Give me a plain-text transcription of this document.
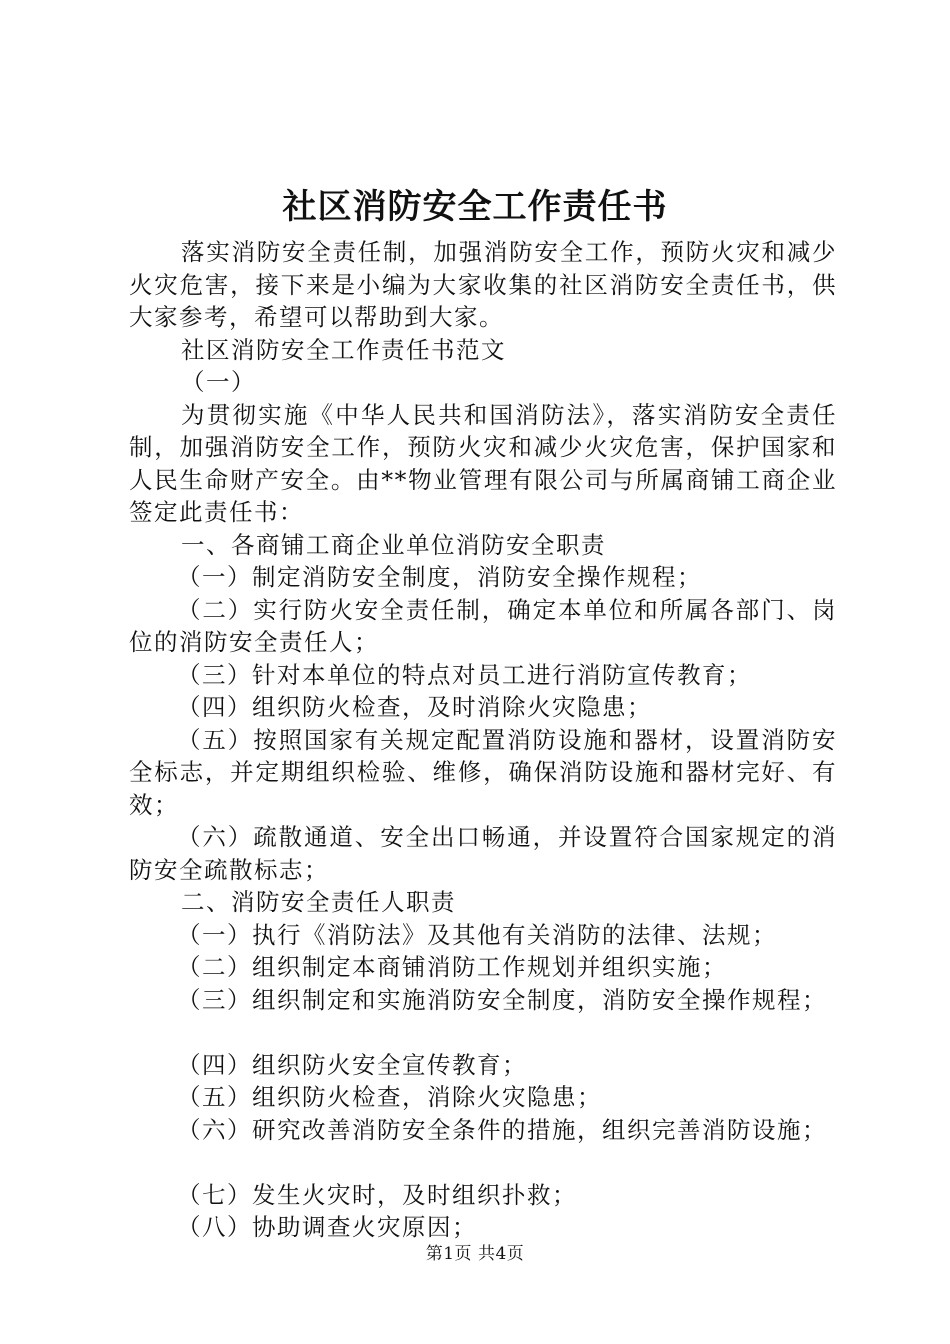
社区消防安全工作责任书

落实消防安全责任制，加强消防安全工作，预防火灾和减少火灾危害，接下来是小编为大家收集的社区消防安全责任书，供大家参考，希望可以帮助到大家。

社区消防安全工作责任书范文

（一）

为贯彻实施《中华人民共和国消防法》，落实消防安全责任制，加强消防安全工作，预防火灾和减少火灾危害，保护国家和人民生命财产安全。由**物业管理有限公司与所属商铺工商企业签定此责任书：

一、各商铺工商企业单位消防安全职责

（一）制定消防安全制度，消防安全操作规程；

（二）实行防火安全责任制，确定本单位和所属各部门、岗位的消防安全责任人；

（三）针对本单位的特点对员工进行消防宣传教育；

（四）组织防火检查，及时消除火灾隐患；

（五）按照国家有关规定配置消防设施和器材，设置消防安全标志，并定期组织检验、维修，确保消防设施和器材完好、有效；

（六）疏散通道、安全出口畅通，并设置符合国家规定的消防安全疏散标志；

二、消防安全责任人职责

（一）执行《消防法》及其他有关消防的法律、法规；

（二）组织制定本商铺消防工作规划并组织实施；

（三）组织制定和实施消防安全制度，消防安全操作规程；

（四）组织防火安全宣传教育；

（五）组织防火检查，消除火灾隐患；

（六）研究改善消防安全条件的措施，组织完善消防设施；

（七）发生火灾时，及时组织扑救；

（八）协助调查火灾原因；

第1页 共4页
